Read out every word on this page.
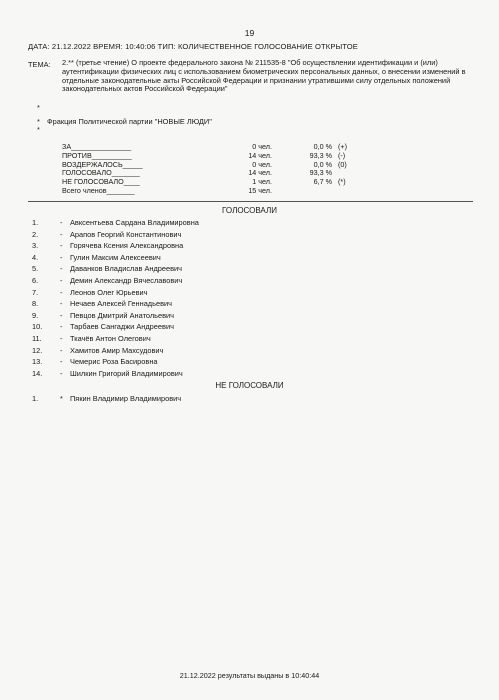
19
ДАТА: 21.12.2022 ВРЕМЯ: 10:40:06 ТИП: КОЛИЧЕСТВЕННОЕ ГОЛОСОВАНИЕ ОТКРЫТОЕ
ТЕМА: 2.** (третье чтение) О проекте федерального закона № 211535-8 "Об осуществлении идентификации и (или) аутентификации физических лиц с использованием биометрических персональных данных, о внесении изменений в отдельные законодательные акты Российской Федерации и признании утратившими силу отдельных положений законодательных актов Российской Федерации"
*
* Фракция Политической партии "НОВЫЕ ЛЮДИ"
*
ЗА_______________	0 чел.	0,0 % (+)
ПРОТИВ__________	14 чел.	93,3 % (-)
ВОЗДЕРЖАЛОСЬ_____	0 чел.	0,0 % (0)
ГОЛОСОВАЛО_______	14 чел.	93,3 %
НЕ ГОЛОСОВАЛО____	1 чел.	6,7 % (*)
Всего членов_______	15 чел.
ГОЛОСОВАЛИ
1.	- Авксентьева Сардана Владимировна
2.	- Арапов Георгий Константинович
3.	- Горячева Ксения Александровна
4.	- Гулин Максим Алексеевич
5.	- Даванков Владислав Андреевич
6.	- Демин Александр Вячеславович
7.	- Леонов Олег Юрьевич
8.	- Нечаев Алексей Геннадьевич
9.	- Певцов Дмитрий Анатольевич
10. - Тарбаев Сангаджи Андреевич
11. - Ткачёв Антон Олегович
12. - Хамитов Амир Махсудович
13. - Чемерис Роза Басировна
14. - Шилкин Григорий Владимирович
НЕ ГОЛОСОВАЛИ
1.	* Пякин Владимир Владимирович
21.12.2022 результаты выданы в 10:40:44
